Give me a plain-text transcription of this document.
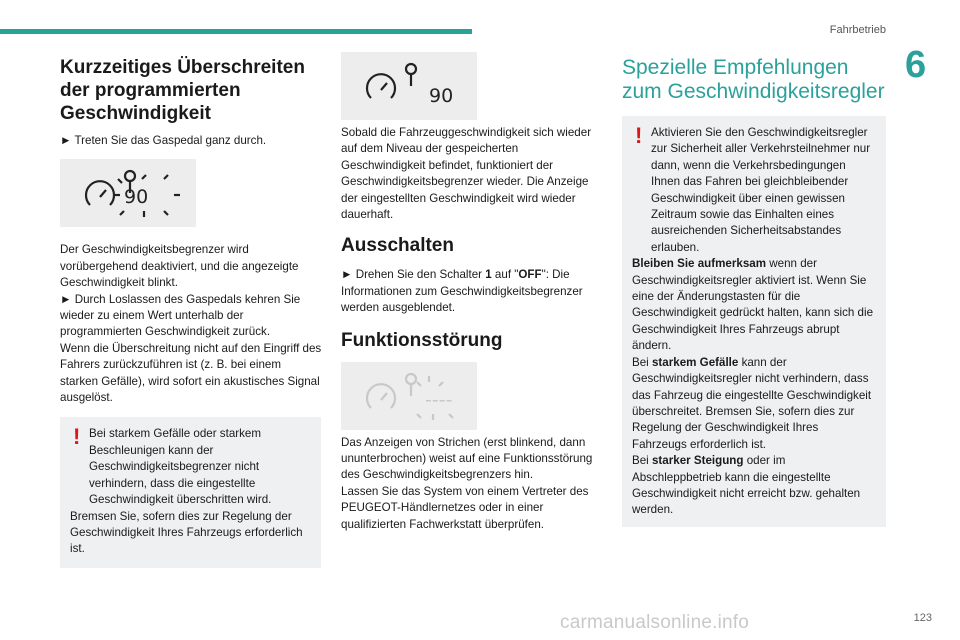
Fahrbetrieb
6
Kurzzeitiges Überschreiten der programmierten Geschwindigkeit

► Treten Sie das Gaspedal ganz durch.

90

Der Geschwindigkeitsbegrenzer wird vorübergehend deaktiviert, und die angezeigte Geschwindigkeit blinkt.

► Durch Loslassen des Gaspedals kehren Sie wieder zu einem Wert unterhalb der programmierten Geschwindigkeit zurück.

Wenn die Überschreitung nicht auf den Eingriff des Fahrers zurückzuführen ist (z. B. bei einem starken Gefälle), wird sofort ein akustisches Signal ausgelöst.

! Bei starkem Gefälle oder starkem Beschleunigen kann der Geschwindigkeitsbegrenzer nicht verhindern, dass die eingestellte Geschwindigkeit überschritten wird.

Bremsen Sie, sofern dies zur Regelung der Geschwindigkeit Ihres Fahrzeugs erforderlich ist.

90

Sobald die Fahrzeuggeschwindigkeit sich wieder auf dem Niveau der gespeicherten Geschwindigkeit befindet, funktioniert der Geschwindigkeitsbegrenzer wieder. Die Anzeige der eingestellten Geschwindigkeit wird wieder dauerhaft.

Ausschalten

► Drehen Sie den Schalter 1 auf "OFF": Die Informationen zum Geschwindigkeitsbegrenzer werden ausgeblendet.

Funktionsstörung
----

Das Anzeigen von Strichen (erst blinkend, dann ununterbrochen) weist auf eine Funktionsstörung des Geschwindigkeitsbegrenzers hin.

Lassen Sie das System von einem Vertreter des PEUGEOT-Händlernetzes oder in einer qualifizierten Fachwerkstatt überprüfen.

Spezielle Empfehlungen zum Geschwindigkeitsregler
! Aktivieren Sie den Geschwindigkeitsregler zur Sicherheit aller Verkehrsteilnehmer nur dann, wenn die Verkehrsbedingungen Ihnen das Fahren bei gleichbleibender Geschwindigkeit über einen gewissen Zeitraum sowie das Einhalten eines ausreichenden Sicherheitsabstandes erlauben.

Bleiben Sie aufmerksam wenn der Geschwindigkeitsregler aktiviert ist. Wenn Sie eine der Änderungstasten für die Geschwindigkeit gedrückt halten, kann sich die Geschwindigkeit Ihres Fahrzeugs abrupt ändern.

Bei starkem Gefälle kann der Geschwindigkeitsregler nicht verhindern, dass das Fahrzeug die eingestellte Geschwindigkeit überschreitet. Bremsen Sie, sofern dies zur Regelung der Geschwindigkeit Ihres Fahrzeugs erforderlich ist.

Bei starker Steigung oder im Abschleppbetrieb kann die eingestellte Geschwindigkeit nicht erreicht bzw. gehalten werden.

carmanualsonline.info	123
